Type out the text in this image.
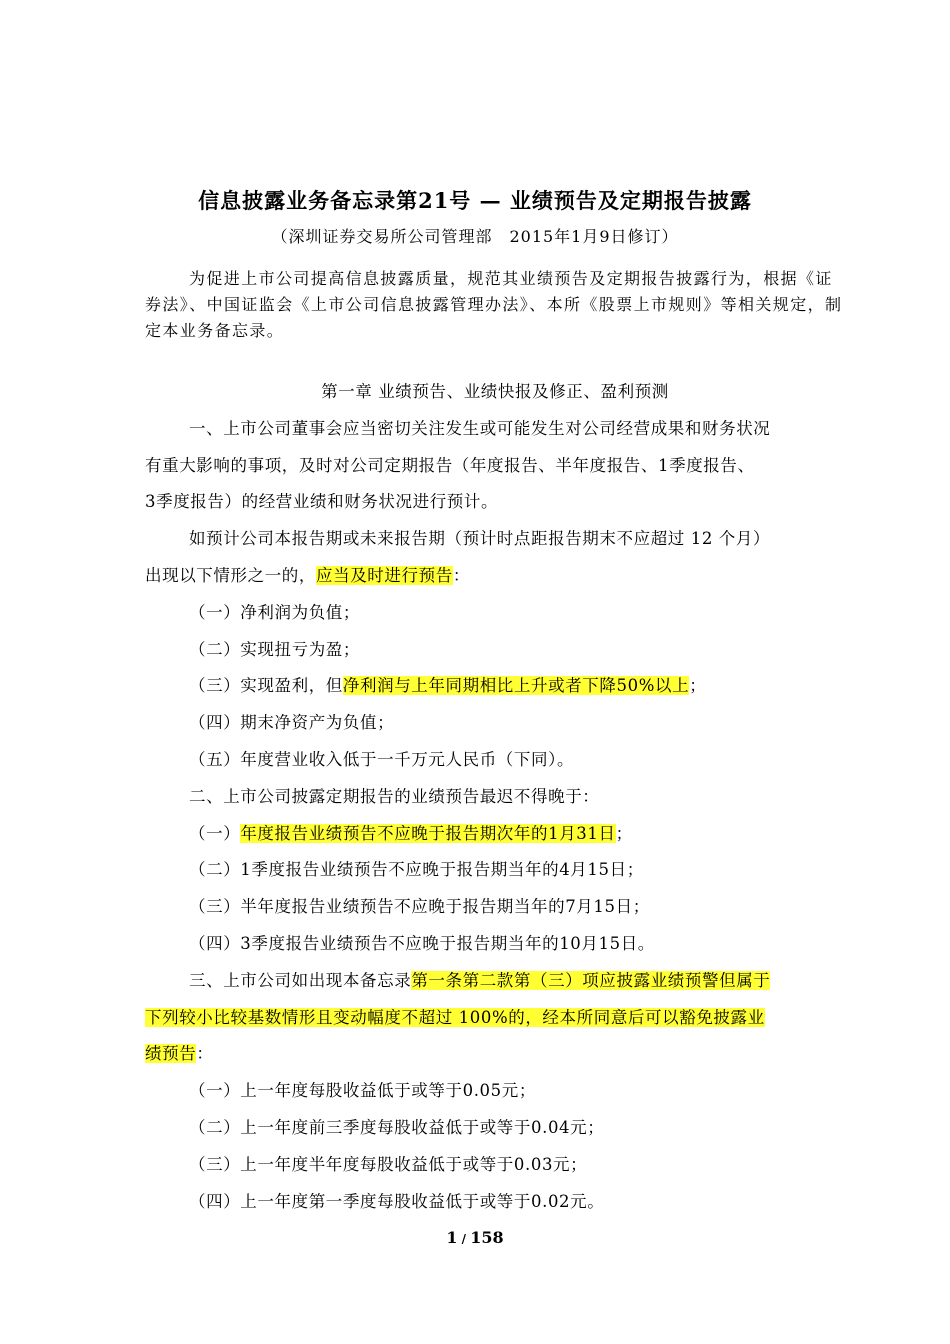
信息披露业务备忘录第21号 — 业绩预告及定期报告披露
（深圳证券交易所公司管理部　2015年1月9日修订）

为促进上市公司提高信息披露质量，规范其业绩预告及定期报告披露行为，根据《证券法》、中国证监会《上市公司信息披露管理办法》、本所《股票上市规则》等相关规定，制定本业务备忘录。

第一章 业绩预告、业绩快报及修正、盈利预测

一、上市公司董事会应当密切关注发生或可能发生对公司经营成果和财务状况

有重大影响的事项，及时对公司定期报告（年度报告、半年度报告、1季度报告、

3季度报告）的经营业绩和财务状况进行预计。

如预计公司本报告期或未来报告期（预计时点距报告期末不应超过 12 个月）

出现以下情形之一的，应当及时进行预告：

（一）净利润为负值；

（二）实现扭亏为盈；

（三）实现盈利，但净利润与上年同期相比上升或者下降50%以上；

（四）期末净资产为负值；

（五）年度营业收入低于一千万元人民币（下同）。

二、上市公司披露定期报告的业绩预告最迟不得晚于：

（一）年度报告业绩预告不应晚于报告期次年的1月31日；

（二）1季度报告业绩预告不应晚于报告期当年的4月15日；

（三）半年度报告业绩预告不应晚于报告期当年的7月15日；

（四）3季度报告业绩预告不应晚于报告期当年的10月15日。

三、上市公司如出现本备忘录第一条第二款第（三）项应披露业绩预警但属于

下列较小比较基数情形且变动幅度不超过 100%的，经本所同意后可以豁免披露业

绩预告：

（一）上一年度每股收益低于或等于0.05元；

（二）上一年度前三季度每股收益低于或等于0.04元；

（三）上一年度半年度每股收益低于或等于0.03元；

（四）上一年度第一季度每股收益低于或等于0.02元。

1 / 158
